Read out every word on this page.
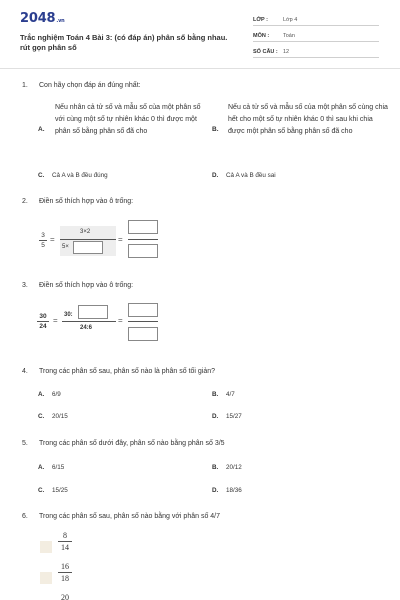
2048.vn
Trắc nghiệm Toán 4 Bài 3: (có đáp án) phân số bằng nhau. rút gọn phân số
LỚP :	Lớp 4
MÔN :	Toán
SỐ CÂU : 12
1. Con hãy chọn đáp án đúng nhất:
A.
Nếu nhân cả tử số và mẫu số của một phân số với cùng một số tự nhiên khác 0 thì được một phân số bằng phân số đã cho	B.
Nếu cả tử số và mẫu số của một phân số cùng chia hết cho một số tự nhiên khác 0 thì sau khi chia được một phân số bằng phân số đã cho
C. Cả A và B đều đúng	D. Cả A và B đều sai
2. Điền số thích hợp vào ô trống:
3
5
=
3×2
5×
=
3. Điền số thích hợp vào ô trống:
30
24
=
30:
24:6
=
4. Trong các phân số sau, phân số nào là phân số tối giản?
A. 6/9	B. 4/7
C. 20/15	D. 15/27
5. Trong các phân số dưới đây, phân số nào bằng phân số 3/5
A. 6/15	B. 20/12
C. 15/25	D. 18/36
6. Trong các phân số sau, phân số nào bằng với phân số 4/7
8
14
16
18
20
